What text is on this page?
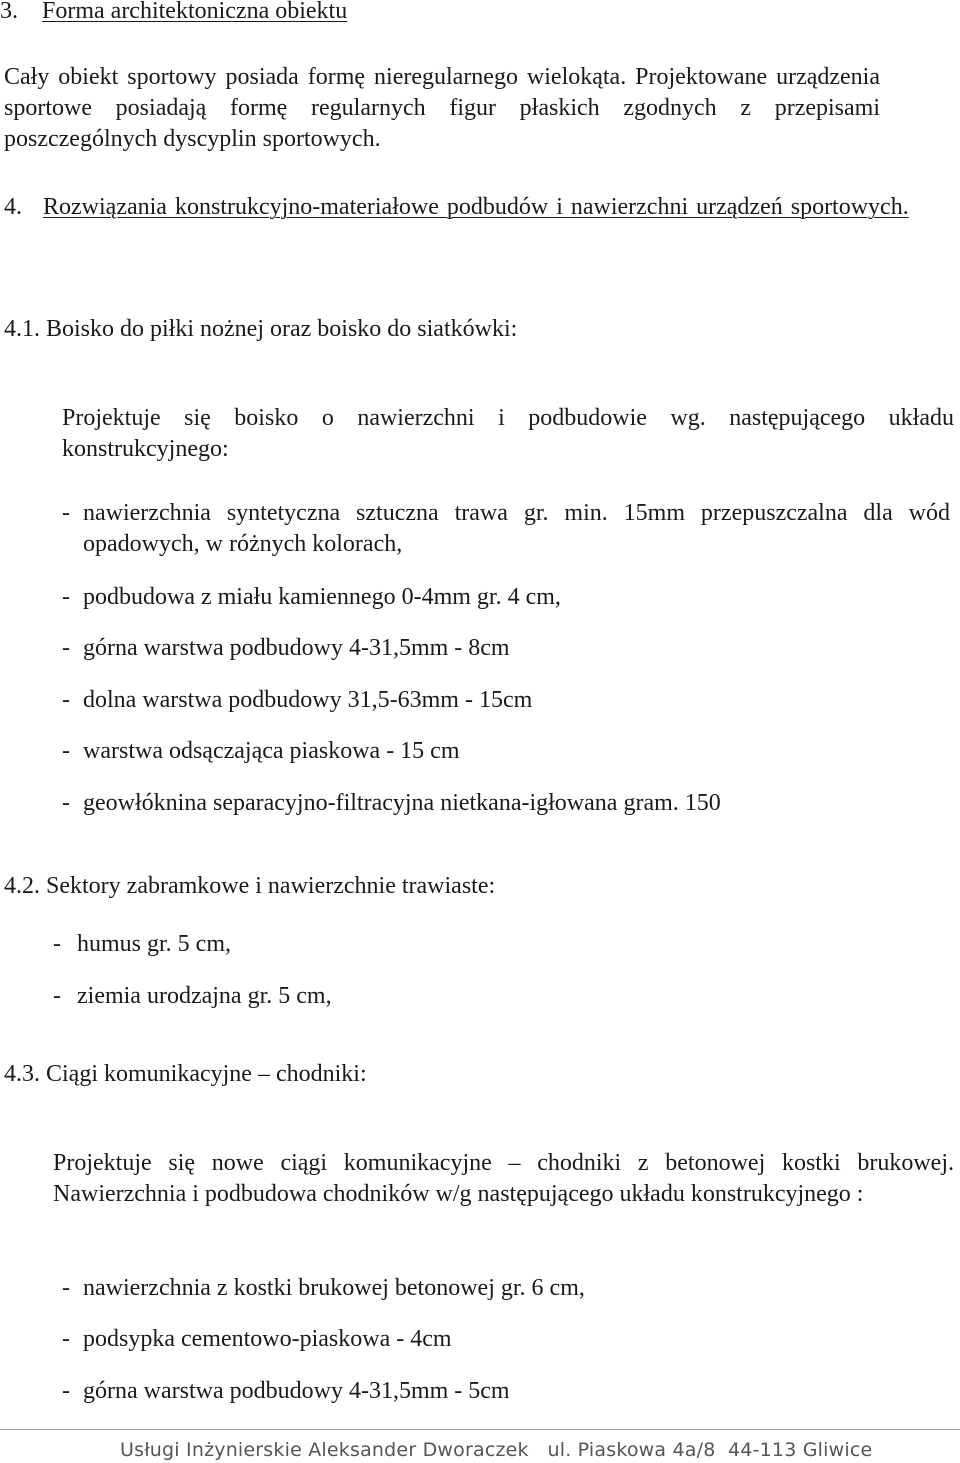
3. Forma architektoniczna obiektu

Cały obiekt sportowy posiada formę nieregularnego wielokąta. Projektowane urządzenia sportowe posiadają formę regularnych figur płaskich zgodnych z przepisami poszczególnych dyscyplin sportowych.

4. Rozwiązania konstrukcyjno-materiałowe podbudów i nawierzchni urządzeń sportowych.
4.1. Boisko do piłki nożnej oraz boisko do siatkówki:

Projektuje się boisko o nawierzchni i podbudowie wg. następującego układu konstrukcyjnego:

- nawierzchnia syntetyczna sztuczna trawa gr. min. 15mm przepuszczalna dla wód opadowych, w różnych kolorach,
- podbudowa z miału kamiennego 0-4mm gr. 4 cm,
- górna warstwa podbudowy 4-31,5mm - 8cm
- dolna warstwa podbudowy 31,5-63mm - 15cm
- warstwa odsączająca piaskowa - 15 cm
- geowłóknina separacyjno-filtracyjna nietkana-igłowana gram. 150
4.2. Sektory zabramkowe i nawierzchnie trawiaste:
- humus gr. 5 cm,
- ziemia urodzajna gr. 5 cm,
4.3. Ciągi komunikacyjne – chodniki:

Projektuje się nowe ciągi komunikacyjne – chodniki z betonowej kostki brukowej. Nawierzchnia i podbudowa chodników w/g następującego układu konstrukcyjnego :

- nawierzchnia z kostki brukowej betonowej gr. 6 cm,
- podsypka cementowo-piaskowa - 4cm
- górna warstwa podbudowy 4-31,5mm - 5cm
Usługi Inżynierskie Aleksander Dworaczek ul. Piaskowa 4a/8  44-113 Gliwice
